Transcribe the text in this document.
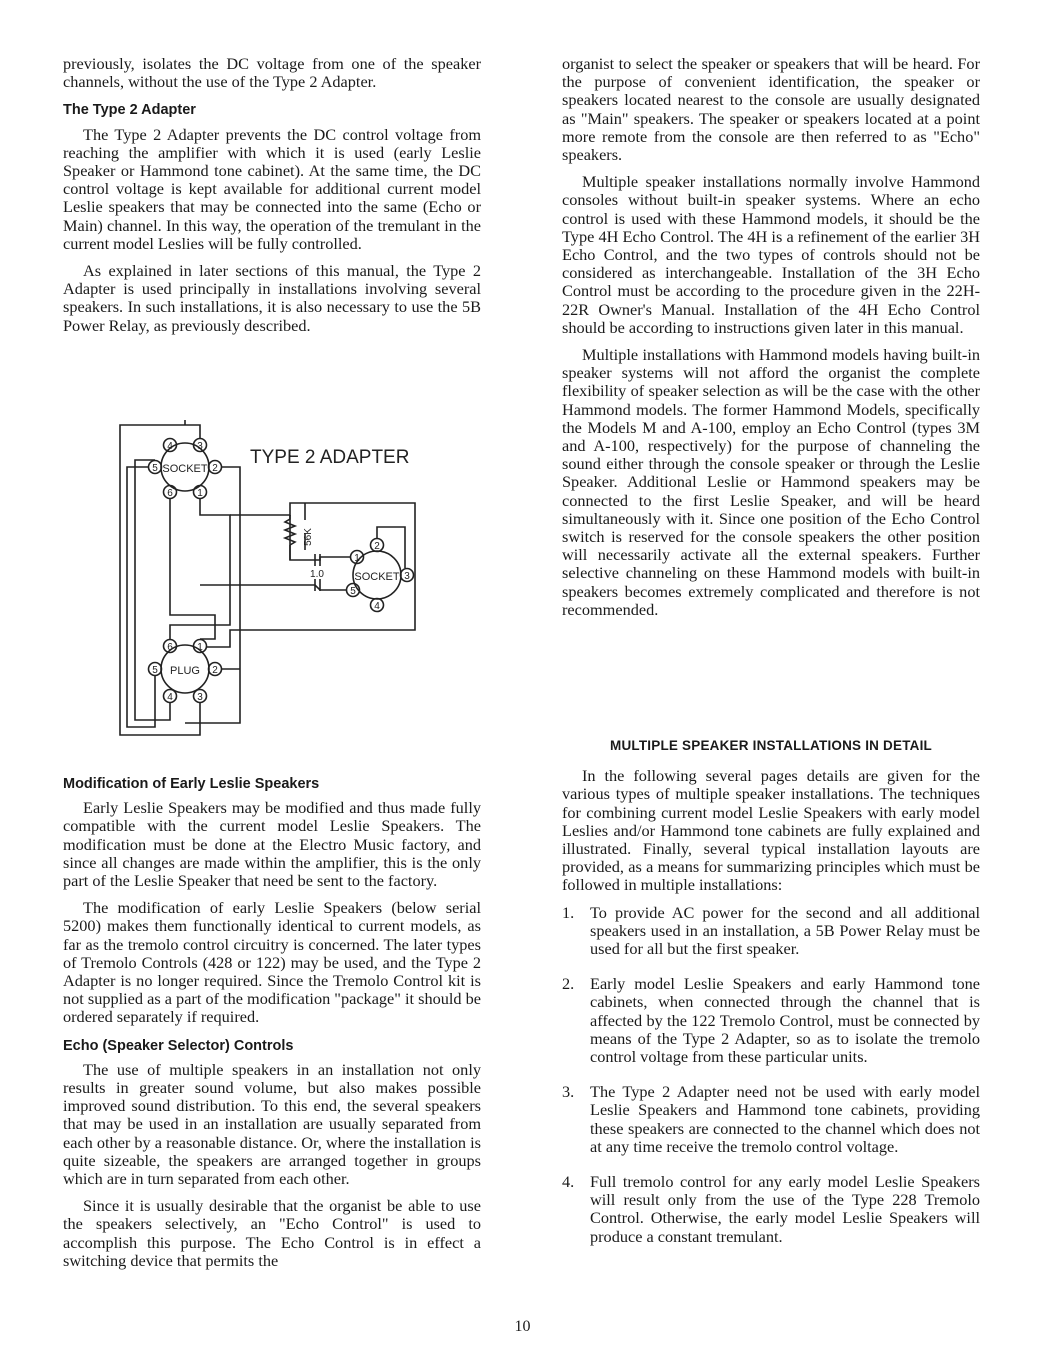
previously, isolates the DC voltage from one of the speaker channels, without the use of the Type 2 Adapter.

The Type 2 Adapter

The Type 2 Adapter prevents the DC control voltage from reaching the amplifier with which it is used (early Leslie Speaker or Hammond tone cabinet). At the same time, the DC control voltage is kept available for additional current model Leslie speakers that may be connected into the same (Echo or Main) channel. In this way, the operation of the tremulant in the current model Leslies will be fully controlled.

As explained in later sections of this manual, the Type 2 Adapter is used principally in installations involving several speakers. In such installations, it is also necessary to use the 5B Power Relay, as previously described.

TYPE 2 ADAPTER
SOCKET
4 3
5	2
6 1
PLUG
6 1
5	2
4 3
SOCKET
2
1
3
5
4
56K
1.0
Modification of Early Leslie Speakers

Early Leslie Speakers may be modified and thus made fully compatible with the current model Leslie Speakers. The modification must be done at the Electro Music factory, and since all changes are made within the amplifier, this is the only part of the Leslie Speaker that need be sent to the factory.

The modification of early Leslie Speakers (below serial 5200) makes them functionally identical to current models, as far as the tremolo control circuitry is concerned. The later types of Tremolo Controls (428 or 122) may be used, and the Type 2 Adapter is no longer required. Since the Tremolo Control kit is not supplied as a part of the modification "package" it should be ordered separately if required.

Echo (Speaker Selector) Controls

The use of multiple speakers in an installation not only results in greater sound volume, but also makes possible improved sound distribution. To this end, the several speakers that may be used in an installation are usually separated from each other by a reasonable distance. Or, where the installation is quite sizeable, the speakers are arranged together in groups which are in turn separated from each other.

Since it is usually desirable that the organist be able to use the speakers selectively, an "Echo Control" is used to accomplish this purpose. The Echo Control is in effect a switching device that permits the

organist to select the speaker or speakers that will be heard. For the purpose of convenient identification, the speaker or speakers located nearest to the console are usually designated as "Main" speakers. The speaker or speakers located at a point more remote from the console are then referred to as "Echo" speakers.

Multiple speaker installations normally involve Hammond consoles without built-in speaker systems. Where an echo control is used with these Hammond models, it should be the Type 4H Echo Control. The 4H is a refinement of the earlier 3H Echo Control, and the two types of controls should not be considered as interchangeable. Installation of the 3H Echo Control must be according to the procedure given in the 22H-22R Owner's Manual. Installation of the 4H Echo Control should be according to instructions given later in this manual.

Multiple installations with Hammond models having built-in speaker systems will not afford the organist the complete flexibility of speaker selection as will be the case with the other Hammond models. The former Hammond Models, specifically the Models M and A-100, employ an Echo Control (types 3M and A-100, respectively) for the purpose of channeling the sound either through the console speaker or through the Leslie Speaker. Additional Leslie or Hammond speakers may be connected to the first Leslie Speaker, and will be heard simultaneously with it. Since one position of the Echo Control switch is reserved for the console speakers the other position will necessarily activate all the external speakers. Further selective channeling on these Hammond models with built-in speakers becomes extremely complicated and therefore is not recommended.

MULTIPLE SPEAKER INSTALLATIONS IN DETAIL

In the following several pages details are given for the various types of multiple speaker installations. The techniques for combining current model Leslie Speakers with early model Leslies and/or Hammond tone cabinets are fully explained and illustrated. Finally, several typical installation layouts are provided, as a means for summarizing principles which must be followed in multiple installations:

1. To provide AC power for the second and all additional speakers used in an installation, a 5B Power Relay must be used for all but the first speaker.
2. Early model Leslie Speakers and early Hammond tone cabinets, when connected through the channel that is affected by the 122 Tremolo Control, must be connected by means of the Type 2 Adapter, so as to isolate the tremolo control voltage from these particular units.
3. The Type 2 Adapter need not be used with early model Leslie Speakers and Hammond tone cabinets, providing these speakers are connected to the channel which does not at any time receive the tremolo control voltage.
4. Full tremolo control for any early model Leslie Speakers will result only from the use of the Type 228 Tremolo Control. Otherwise, the early model Leslie Speakers will produce a constant tremulant.
10
